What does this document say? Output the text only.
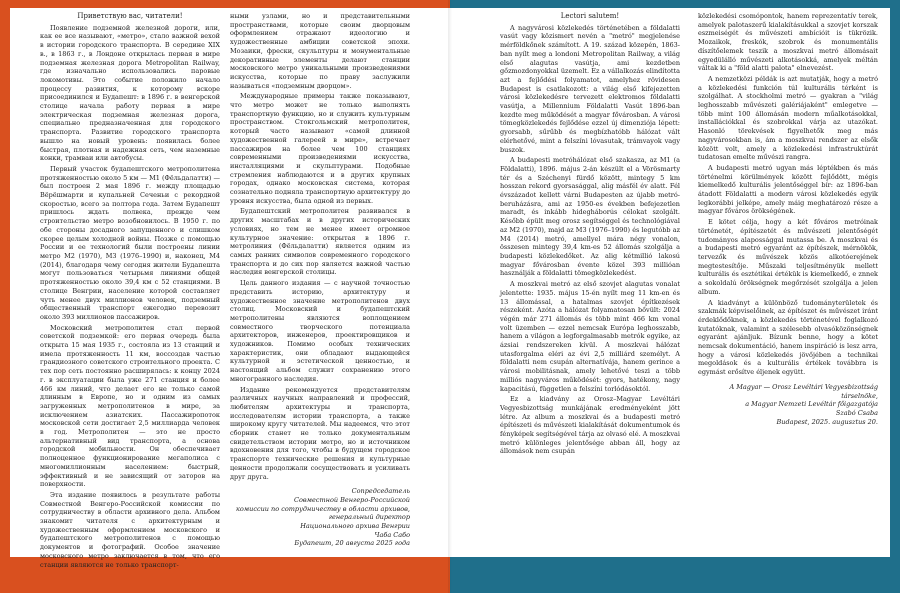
Приветствую вас, читатели!

Появление подземной железной дороги, или, как ее все называют, «метро», стало важной вехой в истории городского транспорта. В середине XIX в., в 1863 г., в Лондоне открылась первая в мире подземная железная дорога Metropolitan Railway, где изначально использовались паровые локомотивы. Это событие положило начало процессу развития, к которому вскоре присоединился и Будапешт: в 1896 г. в венгерской столице начала работу первая в мире электрическая подземная железная дорога, специально предназначенная для городского транспорта. Развитие городского транспорта вышло на новый уровень: появилась более быстрая, плотная и надежная сеть, чем наземные конки, трамваи или автобусы.

Первый участок будапештского метрополитена протяженностью около 5 км — М1 (Фёльдалатти) — был построен 2 мая 1896 г. между площадью Вёрёшмарти и купальней Сеченьи с рекордной скоростью, всего за полтора года. Затем Будапешт пришлось ждать полвека, прежде чем строительство метро возобновилось. В 1950 г. по обе стороны досадного запущенного и слишком скорее целым холодной войны. Позже с помощью России и ее технологий были построены линии метро М2 (1970), М3 (1976–1990) и, наконец, М4 (2014), благодаря чему сегодня жители Будапешта могут пользоваться четырьмя линиями общей протяженностью около 39,4 км с 52 станциями. В столице Венгрии, население которой составляет чуть менее двух миллионов человек, подземный общественный транспорт ежегодно перевозит около 393 миллионов пассажиров.

Московский метрополитен стал первой советской подземкой: его первая очередь была открыта 15 мая 1935 г., состояла из 13 станций и имела протяженность 11 км, воссоздав частью грандиозного советского строительного проекта. С тех пор сеть постоянно расширялась: к концу 2024 г. в эксплуатации была уже 271 станция и более 466 км линий, что делает его не только самой длинным в Европе, но и одним из самых загруженных метрополитенов в мире, за исключением азиатских. Пассажиропоток московской сети достигает 2,5 миллиарда человек в год. Метрополитен — это не просто альтернативный вид транспорта, а основа городской мобильности. Он обеспечивает полноценное функционирование мегаполиса с многомиллионным населением: быстрый, эффективный и не зависящий от заторов на поверхности.

Эта издание появилось в результате работы Совместной Венгеро-Российской комиссии по сотрудничеству в области архивного дела. Альбом знакомит читателя с архитектурным и художественным оформлением московского и будапештского метрополитенов с помощью документов и фотографий. Особое значение московского метро заключается в том, что его станции являются не только транспорт-

ными узлами, но и представительными пространствами, которые своим дворцовым оформлением отражают идеологию и художественные амбиции советской эпохи. Мозаики, фрески, скульптуры и монументальные декоративные элементы делают станции московского метро уникальными произведениями искусства, которые по праву заслужили называться «подземным дворцом».

Международные примеры также показывают, что метро может не только выполнять транспортную функцию, но и служить культурным пространством. Стокгольмский метрополитен, который часто называют «самой длинной художественной галереей в мире», встречает пассажиров на более чем 100 станциях современными произведениями искусства, инсталляциями и скульптурами. Подобные стремления наблюдаются и в других крупных городах, однако московская система, которая сознательно подняла транспортную архитектуру до уровня искусства, была одной из первых.

Будапештский метрополитен развивался в других масштабах и в других исторических условиях, но тем не менее имеет огромное культурное значение: открытая в 1896 г. метролиния (Фёльдалатти) является одним из самых ранних символов современного городского транспорта и до сих пор является важной частью наследия венгерской столицы.

Цель данного издания — с научной точностью представить историю, архитектуру и художественное значение метрополитенов двух столиц. Московский и будапештский метрополитены являются воплощением совместного творческого потенциала архитекторов, инженеров, проектировщиков и художников. Помимо особых технических характеристик, они обладают выдающейся культурной и эстетической ценностью, и настоящий альбом служит сохранению этого многогранного наследия.

Издание рекомендуется представителям различных научных направлений и профессий, любителям архитектуры и транспорта, исследователям истории транспорта, а также широкому кругу читателей. Мы надеемся, что этот сборник станет не только документальным свидетельством истории метро, но и источником вдохновения для того, чтобы в будущем городское транспорте технические решения и культурные ценности продолжали сосуществовать и усиливать друг друга.

Сопредседатель
Совместной Венгеро-Российской
комиссии по сотрудничеству в области архивов,
генеральный директор
Национального архива Венгрии
Чаба Сабо
Будапешт, 20 августа 2025 года

Lectori salutem!

A nagyvárosi közlekedés történetében a földalatti vasút vagy közismert nevén a "metró" megjelenése mérföldkőnek számított. A 19. század közepén, 1863-ban nyílt meg a londoni Metropolitan Railway, a világ első alagutas vasútja, ami kezdetben gőzmozdonyokkal üzemelt. Ez a vállalkozás elindította azt a fejlődési folyamatot, amelyhez rövidesen Budapest is csatlakozott: a világ első kifejezetten városi közlekedésre tervezett elektromos földalatti vasútja, a Millennium Földalatti Vasút 1896-ban kezdte meg működését a magyar fővárosban. A városi tömegközlekedés fejlődése ezzel új dimenziója lépett: gyorsabb, sűrűbb és megbízhatóbb hálózat vált elérhetővé, mint a felszíni lóvasutak, trámvayok vagy buszok.

A budapesti metróhálózat első szakasza, az M1 (a Földalatti), 1896. május 2-án készült el a Vörösmarty tér és a Széchenyi fürdő között, mintegy 5 km hosszan rekord gyorsasággal, alig másfél év alatt. Fél évszázadot kellett várni Budapesten az újabb metró-beruházásra, ami az 1950-es években befejezetlen maradt, és inkább hidegháborús célokat szolgált. Később épült meg orosz segítséggel és technológiával az M2 (1970), majd az M3 (1976–1990) és legutóbb az M4 (2014) metró, amellyel mára négy vonalon, összesen mintegy 39,4 km-es 52 állomás szolgálja a budapesti közlekedőket. Az alig kétmillió lakosú magyar fővárosban évente közel 393 millióan használják a földalatti tömegközlekedést.

A moszkvai metró az első szovjet alagutas vonalat jelentette: 1935. május 15-én nyílt meg 11 km-en és 13 állomással, a hatalmas szovjet építkezések részeként. Azóta a hálózat folyamatosan bővült: 2024 végén már 271 állomás és több mint 466 km vonal volt üzemben — ezzel nemcsak Európa leghosszabb, hanem a világon a legforgalmasabb metrók egyike, az ázsiai rendszereken kívül. A moszkvai hálózat utasforgalma eléri az évi 2,5 milliárd személyt. A földalatti nem csupán alternatívája, hanem gerince a városi mobilitásnak, amely lehetővé teszi a több milliós nagyváros működését: gyors, hatékony, nagy kapacitású, független a felszíni torlódásoktól.

Ez a kiadvány az Orosz–Magyar Levéltári Vegyesbizottság munkájának eredményeként jött létre. Az album a moszkvai és a budapesti metró építészeti és művészeti kialakítását dokumentumok és fényképek segítségével tárja az olvasó elé. A moszkvai metró különleges jelentősége abban áll, hogy az állomások nem csupán

közlekedési csomópontok, hanem reprezentatív terek, amelyek palotaszerű kialakításukkal a szovjet korszak eszmeiségét és művészeti ambícióit is tükrözik. Mozaikok, freskók, szobrok és monumentális díszítőelemek teszik a moszkvai metró állomásait egyedülálló művészeti alkotásokká, amelyek méltán váltak ki a "föld alatti palota" elnevezést.

A nemzetközi példák is azt mutatják, hogy a metró a közlekedési funkción túl kulturális térként is szolgálhat. A stockholmi metró — gyakran a "világ leghosszabb művészeti galériájaként" emlegetve — több mint 100 állomásán modern műalkotásokkal, installációkkal és szobrokkal várja az utazókat. Hasonló törekvések figyelhetők meg más nagyvárosokban is, ám a moszkvai rendszer az elsők között volt, amely a közlekedési infrastruktúrát tudatosan emelte művészi rangra.

A budapesti metró ugyan más léptékben és más történelmi körülmények között fejlődött, mégis kiemelkedő kulturális jelentőséggel bír: az 1896-ban átadott Földalatti a modern városi közlekedés egyik legkorábbi jelképe, amely máig meghatározó része a magyar főváros örökségének.

E kötet célja, hogy a két főváros metróinak történetét, építészetét és művészeti jelentőségét tudományos alapossággal mutassa be. A moszkvai és a budapesti metró egyaránt az építészek, mérnökök, tervezők és művészek közös alkotóerejének megtestesítője. Műszaki teljesítményük mellett kulturális és esztétikai értékük is kiemelkedő, e znnek a sokoldalú örökségnek megőrzését szolgálja a jelen album.

A kiadványt a különböző tudományterületek és szakmák képviselőinek, az építészet és művészet iránt érdeklődőknek, a közlekedés történetével foglalkozó kutatóknak, valamint a szélesebb olvasóközönségnek egyaránt ajánljuk. Bízunk benne, hogy a kötet nemcsak dokumentáció, hanem inspiráció is lesz arra, hogy a városi közlekedés jövőjében a technikai megoldások és a kulturális értékek továbbra is egymást erősítve éljenek együtt.

A Magyar — Orosz Levéltári Vegyesbizottság
társelnöke,
a Magyar Nemzeti Levéltár főigazgatója
Szabó Csaba
Budapest, 2025. augusztus 20.
